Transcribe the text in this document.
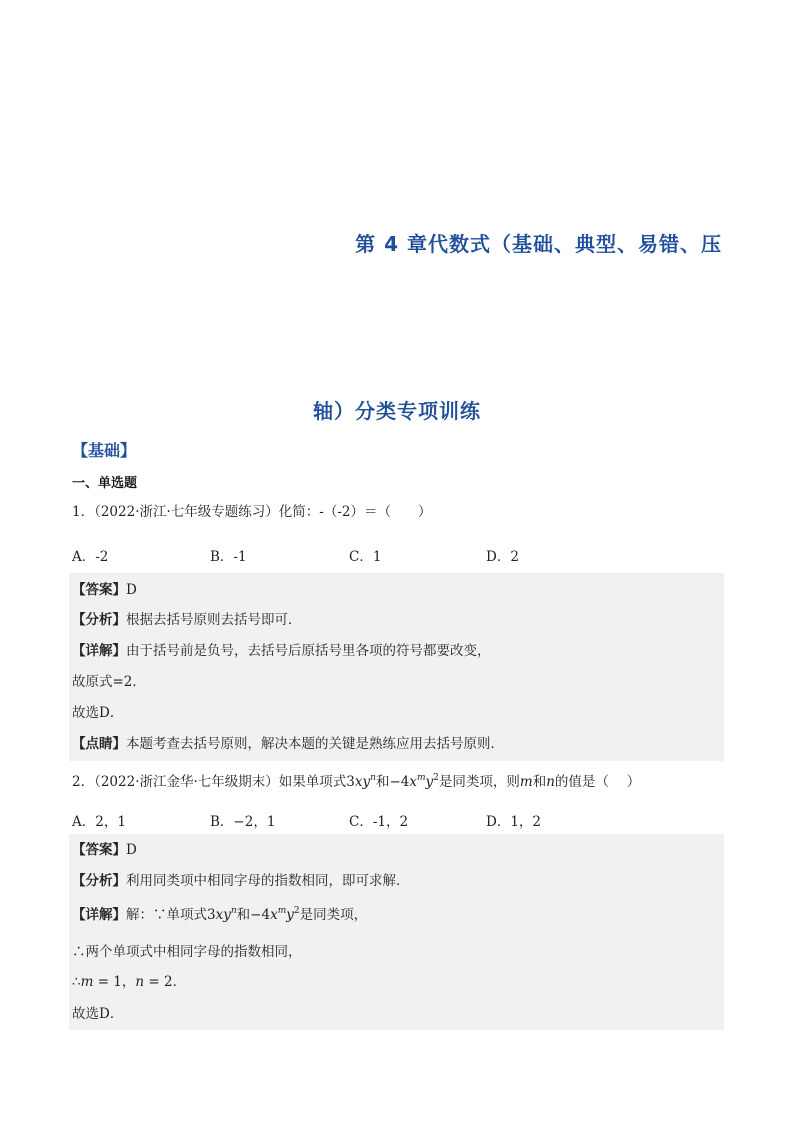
第 4 章代数式（基础、典型、易错、压
轴）分类专项训练
【基础】
一、单选题
1．（2022·浙江·七年级专题练习）化简：-（-2）＝（　　）
A．-2	B．-1	C．1	D．2
【答案】D
【分析】根据去括号原则去括号即可．
【详解】由于括号前是负号，去括号后原括号里各项的符号都要改变，
故原式=2．
故选D．
【点睛】本题考查去括号原则，解决本题的关键是熟练应用去括号原则．
2．（2022·浙江金华·七年级期末）如果单项式$3xy^n$和$-4x^my^2$是同类项，则m和n的值是（　 ）
A．2，1	B．−2，1	C．-1，2	D．1，2
【答案】D
【分析】利用同类项中相同字母的指数相同，即可求解．
【详解】解：∵单项式$3xy^n$和$-4x^my^2$是同类项，
∴两个单项式中相同字母的指数相同，
∴m = 1，n = 2．
故选D．
